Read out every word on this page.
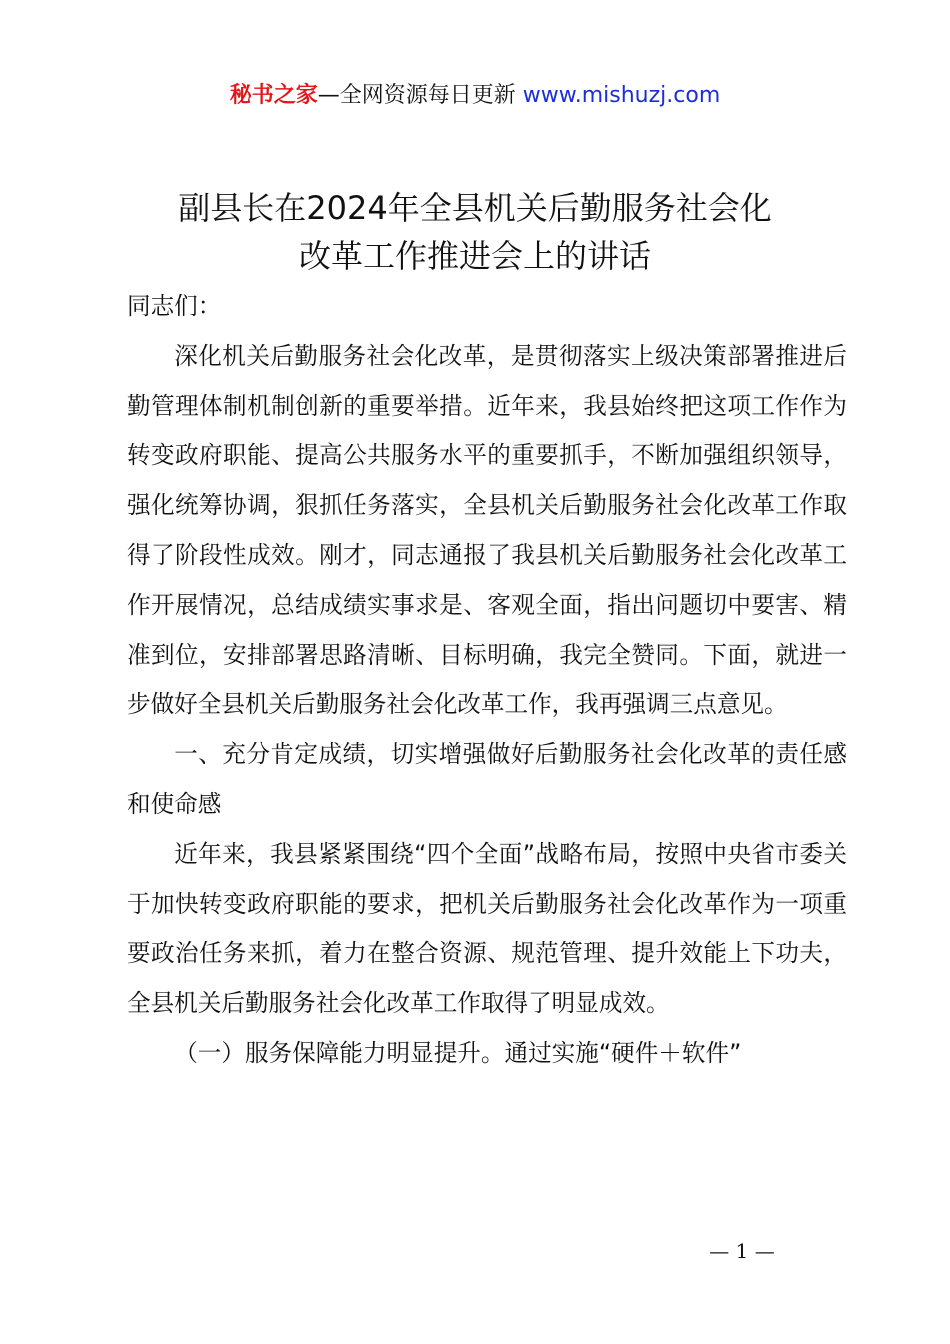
秘书之家—全网资源每日更新 www.mishuzj.com
副县长在2024年全县机关后勤服务社会化
改革工作推进会上的讲话

同志们：

深化机关后勤服务社会化改革，是贯彻落实上级决策部署推进后勤管理体制机制创新的重要举措。近年来，我县始终把这项工作作为转变政府职能、提高公共服务水平的重要抓手，不断加强组织领导，强化统筹协调，狠抓任务落实，全县机关后勤服务社会化改革工作取得了阶段性成效。刚才，同志通报了我县机关后勤服务社会化改革工作开展情况，总结成绩实事求是、客观全面，指出问题切中要害、精准到位，安排部署思路清晰、目标明确，我完全赞同。下面，就进一步做好全县机关后勤服务社会化改革工作，我再强调三点意见。

一、充分肯定成绩，切实增强做好后勤服务社会化改革的责任感和使命感

近年来，我县紧紧围绕“四个全面”战略布局，按照中央省市委关于加快转变政府职能的要求，把机关后勤服务社会化改革作为一项重要政治任务来抓，着力在整合资源、规范管理、提升效能上下功夫，全县机关后勤服务社会化改革工作取得了明显成效。

（一）服务保障能力明显提升。通过实施“硬件＋软件”

— 1 —
